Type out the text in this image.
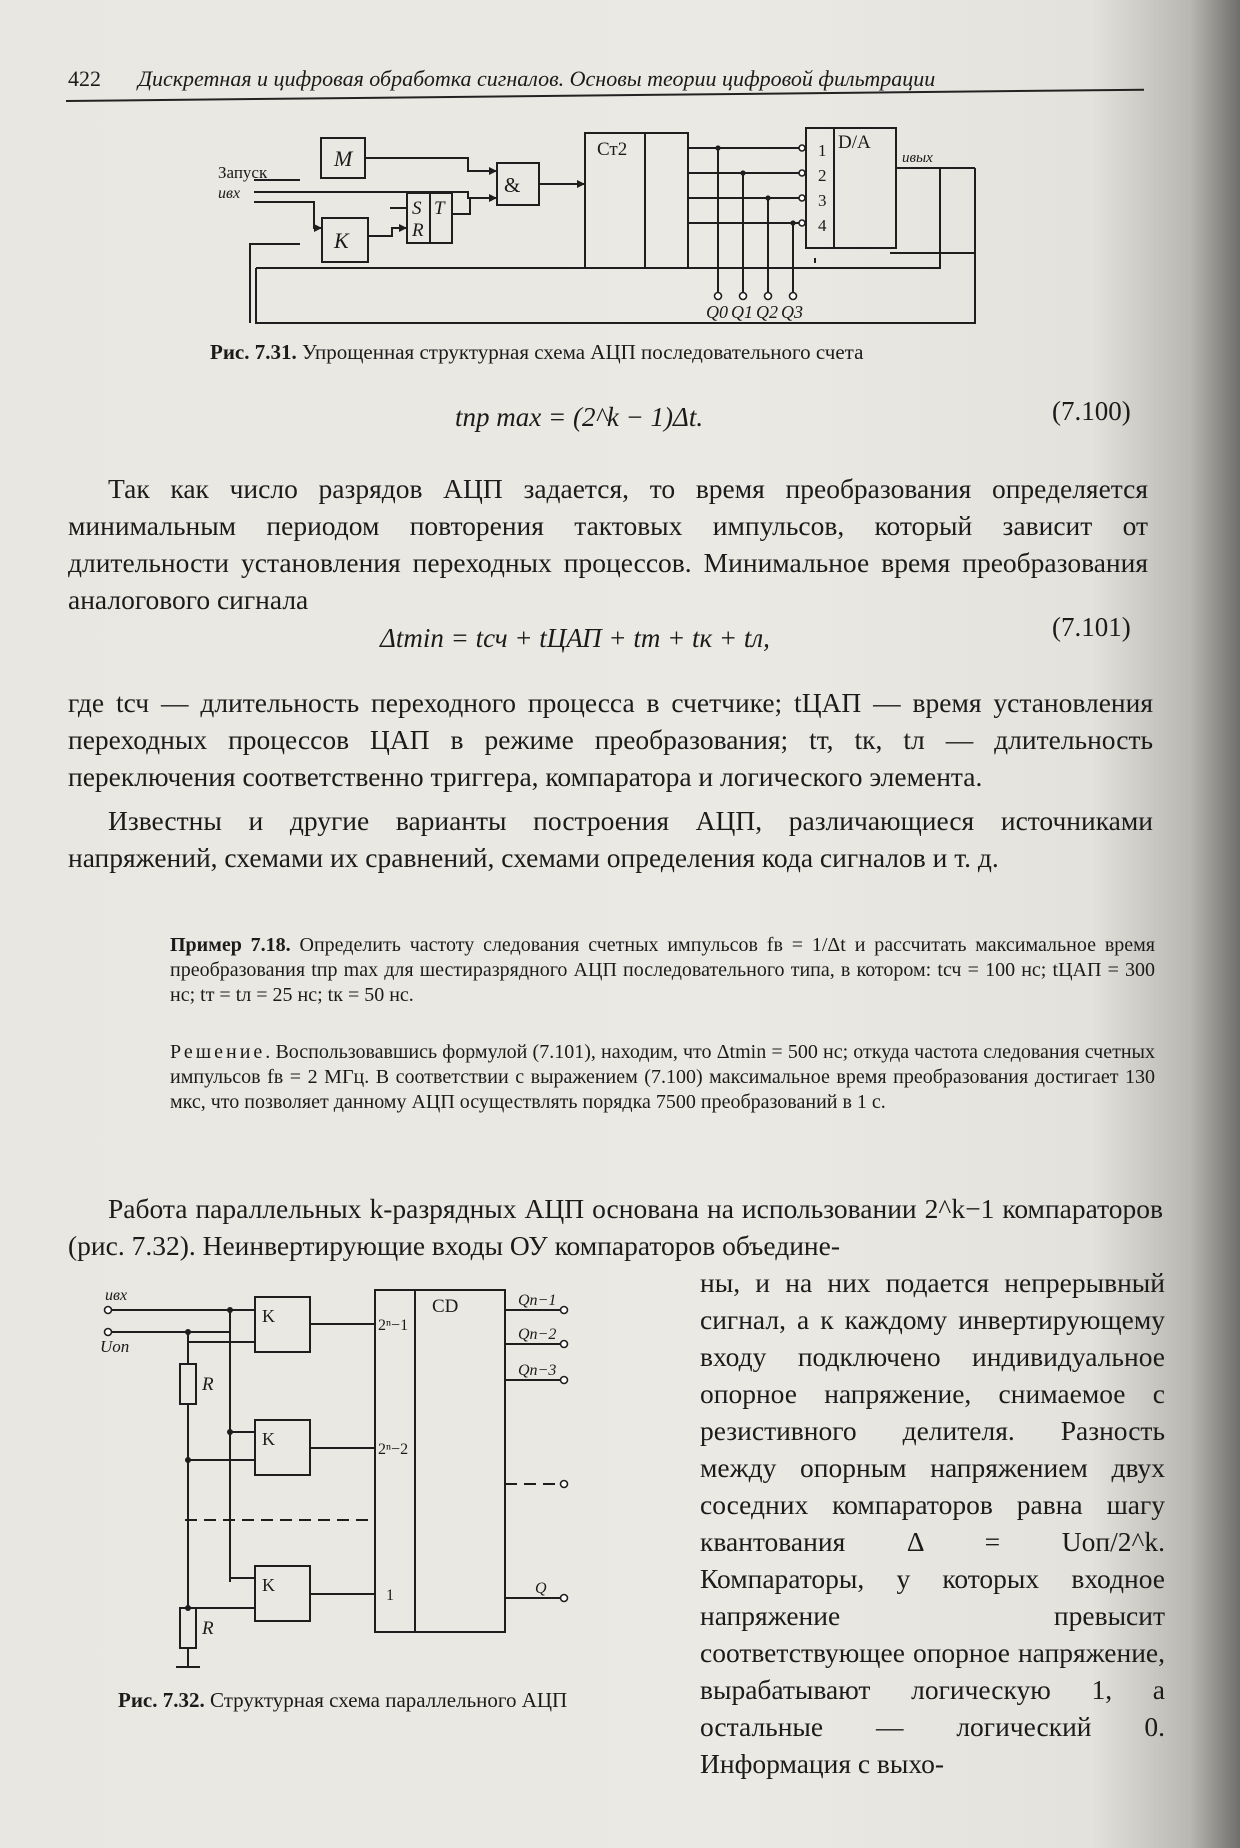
422 Дискретная и цифровая обработка сигналов. Основы теории цифровой фильтрации
M
K
S
R
T
&
Ст2	D/A
1
2
3
4
Запуск
uвх
uвых
Q0 Q1 Q2 Q3
Рис. 7.31. Упрощенная структурная схема АЦП последовательного счета
tпр max = (2^k − 1)Δt.	(7.100)

Так как число разрядов АЦП задается, то время преобразования определяется минимальным периодом повторения тактовых импульсов, который зависит от длительности установления переходных процессов. Минимальное время преобразования аналогового сигнала

Δtmin = tсч + tЦАП + tт + tк + tл,	(7.101)

где tсч — длительность переходного процесса в счетчике; tЦАП — время установления переходных процессов ЦАП в режиме преобразования; tт, tк, tл — длительность переключения соответственно триггера, компаратора и логического элемента.

Известны и другие варианты построения АЦП, различающиеся источниками напряжений, схемами их сравнений, схемами определения кода сигналов и т. д.

Пример 7.18. Определить частоту следования счетных импульсов fв = 1/Δt и рассчитать максимальное время преобразования tпр max для шестиразрядного АЦП последовательного типа, в котором: tсч = 100 нс; tЦАП = 300 нс; tт = tл = 25 нс; tк = 50 нс.
Решение. Воспользовавшись формулой (7.101), находим, что Δtmin = 500 нс; откуда частота следования счетных импульсов fв = 2 МГц. В соответствии с выражением (7.100) максимальное время преобразования достигает 130 мкс, что позволяет данному АЦП осуществлять порядка 7500 преобразований в 1 с.

Работа параллельных k-разрядных АЦП основана на использовании 2^k−1 компараторов (рис. 7.32). Неинвертирующие входы ОУ компараторов объедине-

ны, и на них подается непрерывный сигнал, а к каждому инвертирующему входу подключено индивидуальное опорное напряжение, снимаемое с резистивного делителя. Разность между опорным напряжением двух соседних компараторов равна шагу квантования Δ = Uоп/2^k. Компараторы, у которых входное напряжение превысит соответствующее опорное напряжение, вырабатывают логическую 1, а остальные — логический 0. Информация с выхо-

uвх
Uоп
R
R
K
K
K
CD
2ⁿ−1
2ⁿ−2
1
Qn−1
Qn−2
Qn−3
Q
Рис. 7.32. Структурная схема параллельного АЦП
